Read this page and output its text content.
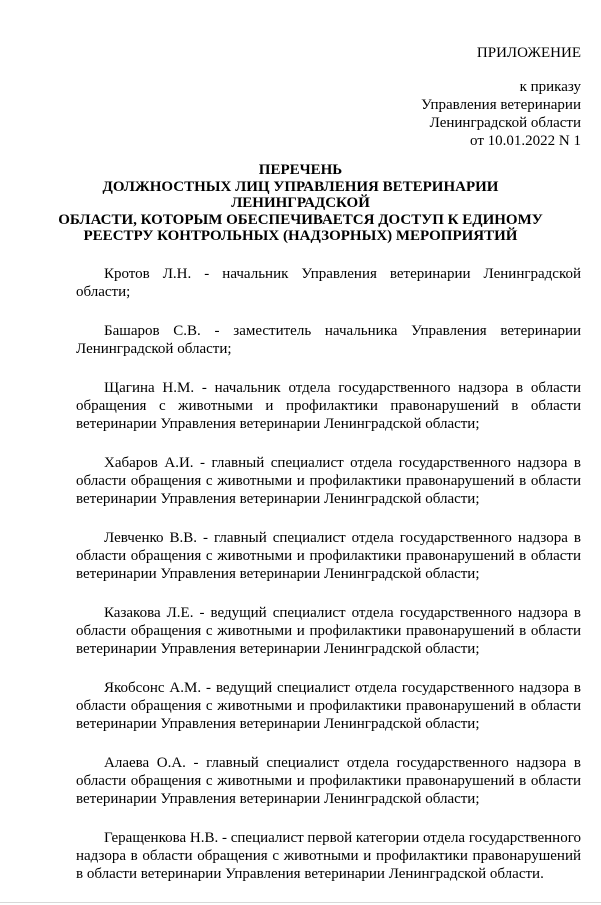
ПРИЛОЖЕНИЕ
к приказу
Управления ветеринарии
Ленинградской области
от 10.01.2022 N 1
ПЕРЕЧЕНЬ
ДОЛЖНОСТНЫХ ЛИЦ УПРАВЛЕНИЯ ВЕТЕРИНАРИИ
ЛЕНИНГРАДСКОЙ
ОБЛАСТИ, КОТОРЫМ ОБЕСПЕЧИВАЕТСЯ ДОСТУП К ЕДИНОМУ
РЕЕСТРУ КОНТРОЛЬНЫХ (НАДЗОРНЫХ) МЕРОПРИЯТИЙ

Кротов Л.Н. - начальник Управления ветеринарии Ленинградской области;

Башаров С.В. - заместитель начальника Управления ветеринарии Ленинградской области;

Щагина Н.М. - начальник отдела государственного надзора в области обращения с животными и профилактики правонарушений в области ветеринарии Управления ветеринарии Ленинградской области;

Хабаров А.И. - главный специалист отдела государственного надзора в области обращения с животными и профилактики правонарушений в области ветеринарии Управления ветеринарии Ленинградской области;

Левченко В.В. - главный специалист отдела государственного надзора в области обращения с животными и профилактики правонарушений в области ветеринарии Управления ветеринарии Ленинградской области;

Казакова Л.Е. - ведущий специалист отдела государственного надзора в области обращения с животными и профилактики правонарушений в области ветеринарии Управления ветеринарии Ленинградской области;

Якобсонс А.М. - ведущий специалист отдела государственного надзора в области обращения с животными и профилактики правонарушений в области ветеринарии Управления ветеринарии Ленинградской области;

Алаева О.А. - главный специалист отдела государственного надзора в области обращения с животными и профилактики правонарушений в области ветеринарии Управления ветеринарии Ленинградской области;

Геращенкова Н.В. - специалист первой категории отдела государственного надзора в области обращения с животными и профилактики правонарушений в области ветеринарии Управления ветеринарии Ленинградской области.
